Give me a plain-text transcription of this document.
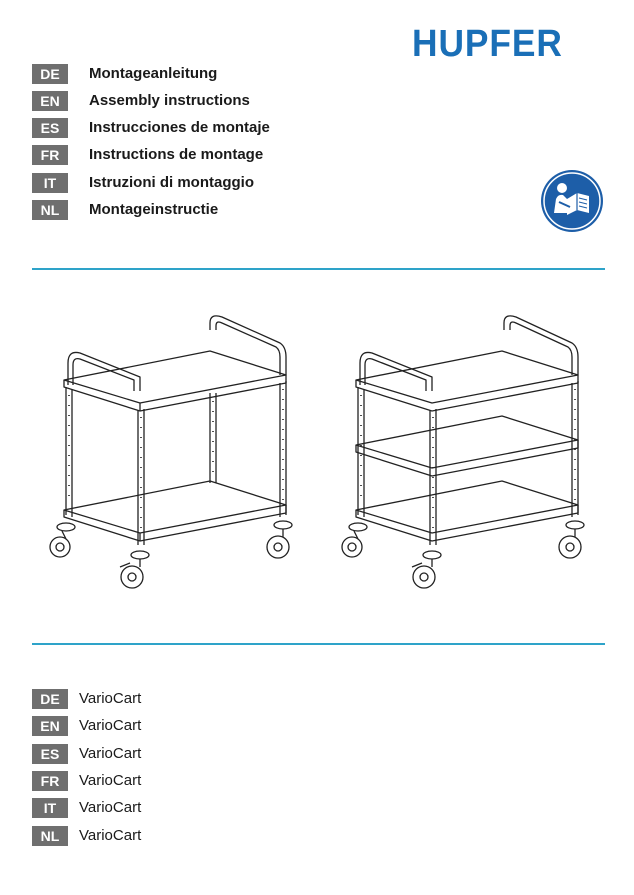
HUPFER
DE	Montageanleitung
EN	Assembly instructions
ES	Instrucciones de montaje
FR	Instructions de montage
IT	Istruzioni di montaggio
NL	Montageinstructie
DE	VarioCart
EN	VarioCart
ES	VarioCart
FR	VarioCart
IT	VarioCart
NL	VarioCart
